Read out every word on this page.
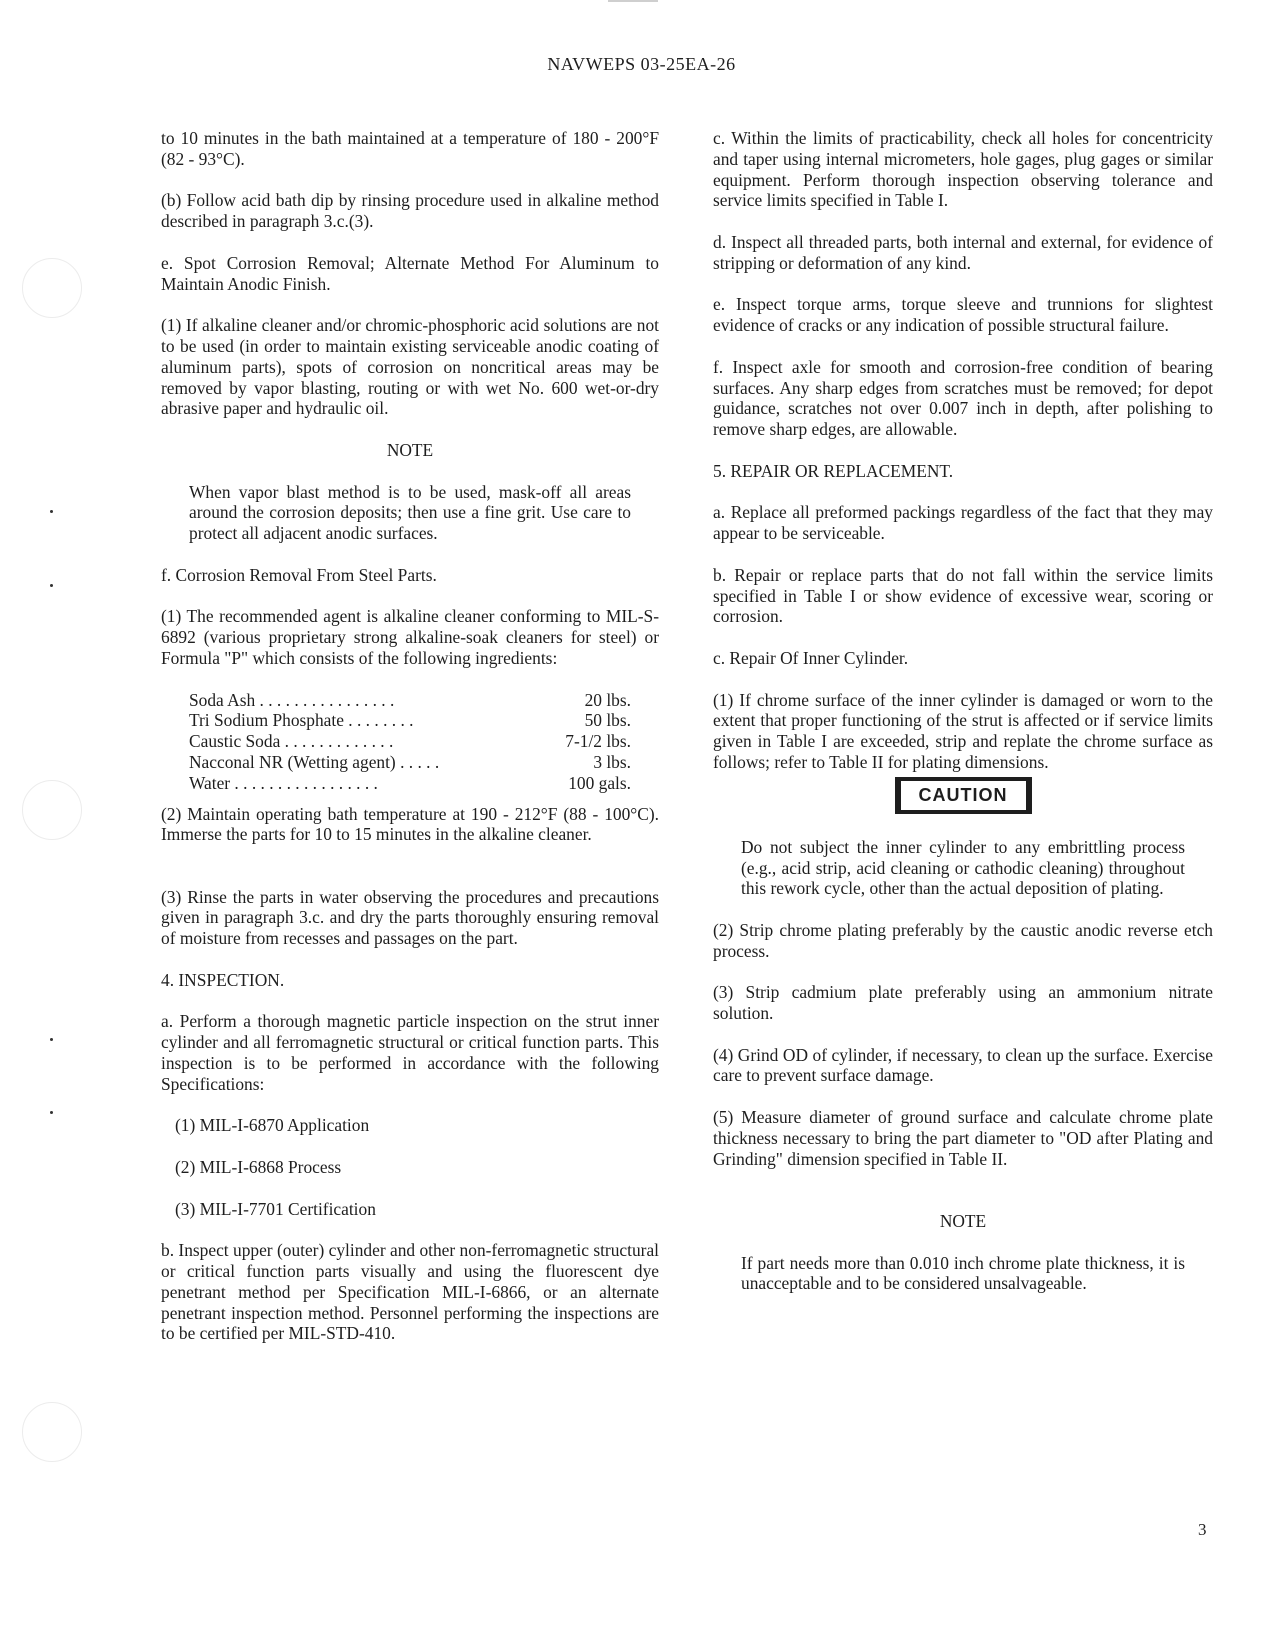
NAVWEPS 03-25EA-26

to 10 minutes in the bath maintained at a temperature of 180 - 200°F (82 - 93°C).

(b) Follow acid bath dip by rinsing procedure used in alkaline method described in paragraph 3.c.(3).

e. Spot Corrosion Removal; Alternate Method For Aluminum to Maintain Anodic Finish.

(1) If alkaline cleaner and/or chromic-phosphoric acid solutions are not to be used (in order to maintain existing serviceable anodic coating of aluminum parts), spots of corrosion on noncritical areas may be removed by vapor blasting, routing or with wet No. 600 wet-or-dry abrasive paper and hydraulic oil.

NOTE

When vapor blast method is to be used, mask-off all areas around the corrosion deposits; then use a fine grit. Use care to protect all adjacent anodic surfaces.

f. Corrosion Removal From Steel Parts.

(1) The recommended agent is alkaline cleaner conforming to MIL-S-6892 (various proprietary strong alkaline-soak cleaners for steel) or Formula "P" which consists of the following ingredients:

Soda Ash . . . . . . . . . . . . . . . .	20 lbs.
Tri Sodium Phosphate . . . . . . . .	50 lbs.
Caustic Soda . . . . . . . . . . . . .	7-1/2 lbs.
Nacconal NR (Wetting agent) . . . . .	3 lbs.
Water . . . . . . . . . . . . . . . . .	100 gals.

(2) Maintain operating bath temperature at 190 - 212°F (88 - 100°C). Immerse the parts for 10 to 15 minutes in the alkaline cleaner.

(3) Rinse the parts in water observing the procedures and precautions given in paragraph 3.c. and dry the parts thoroughly ensuring removal of moisture from recesses and passages on the part.

4. INSPECTION.

a. Perform a thorough magnetic particle inspection on the strut inner cylinder and all ferromagnetic structural or critical function parts. This inspection is to be performed in accordance with the following Specifications:

(1) MIL-I-6870 Application

(2) MIL-I-6868 Process

(3) MIL-I-7701 Certification

b. Inspect upper (outer) cylinder and other non-ferromagnetic structural or critical function parts visually and using the fluorescent dye penetrant method per Specification MIL-I-6866, or an alternate penetrant inspection method. Personnel performing the inspections are to be certified per MIL-STD-410.

c. Within the limits of practicability, check all holes for concentricity and taper using internal micrometers, hole gages, plug gages or similar equipment. Perform thorough inspection observing tolerance and service limits specified in Table I.

d. Inspect all threaded parts, both internal and external, for evidence of stripping or deformation of any kind.

e. Inspect torque arms, torque sleeve and trunnions for slightest evidence of cracks or any indication of possible structural failure.

f. Inspect axle for smooth and corrosion-free condition of bearing surfaces. Any sharp edges from scratches must be removed; for depot guidance, scratches not over 0.007 inch in depth, after polishing to remove sharp edges, are allowable.

5. REPAIR OR REPLACEMENT.

a. Replace all preformed packings regardless of the fact that they may appear to be serviceable.

b. Repair or replace parts that do not fall within the service limits specified in Table I or show evidence of excessive wear, scoring or corrosion.

c. Repair Of Inner Cylinder.

(1) If chrome surface of the inner cylinder is damaged or worn to the extent that proper functioning of the strut is affected or if service limits given in Table I are exceeded, strip and replate the chrome surface as follows; refer to Table II for plating dimensions.

CAUTION

Do not subject the inner cylinder to any embrittling process (e.g., acid strip, acid cleaning or cathodic cleaning) throughout this rework cycle, other than the actual deposition of plating.

(2) Strip chrome plating preferably by the caustic anodic reverse etch process.

(3) Strip cadmium plate preferably using an ammonium nitrate solution.

(4) Grind OD of cylinder, if necessary, to clean up the surface. Exercise care to prevent surface damage.

(5) Measure diameter of ground surface and calculate chrome plate thickness necessary to bring the part diameter to "OD after Plating and Grinding" dimension specified in Table II.

NOTE

If part needs more than 0.010 inch chrome plate thickness, it is unacceptable and to be considered unsalvageable.

3
